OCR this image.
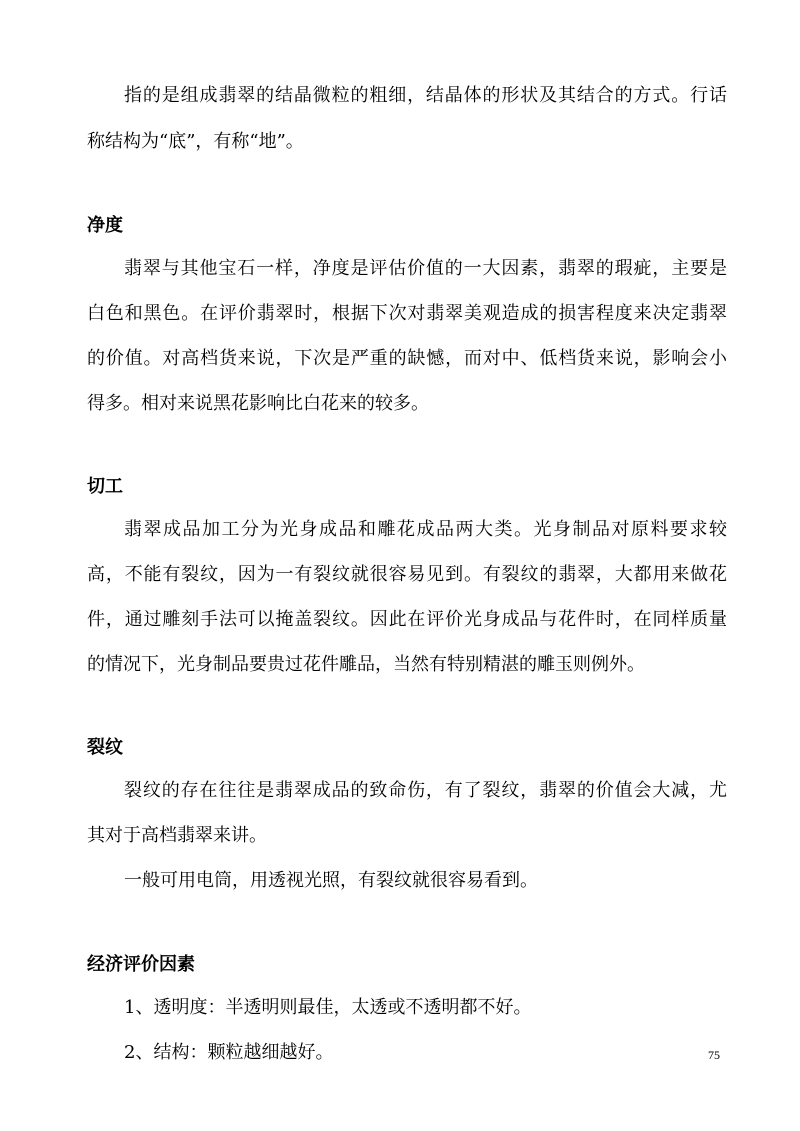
指的是组成翡翠的结晶微粒的粗细，结晶体的形状及其结合的方式。行话
称结构为“底”，有称“地”。
净度
翡翠与其他宝石一样，净度是评估价值的一大因素，翡翠的瑕疵，主要是
白色和黑色。在评价翡翠时，根据下次对翡翠美观造成的损害程度来决定翡翠
的价值。对高档货来说，下次是严重的缺憾，而对中、低档货来说，影响会小
得多。相对来说黑花影响比白花来的较多。
切工
翡翠成品加工分为光身成品和雕花成品两大类。光身制品对原料要求较
高，不能有裂纹，因为一有裂纹就很容易见到。有裂纹的翡翠，大都用来做花
件，通过雕刻手法可以掩盖裂纹。因此在评价光身成品与花件时，在同样质量
的情况下，光身制品要贵过花件雕品，当然有特别精湛的雕玉则例外。
裂纹
裂纹的存在往往是翡翠成品的致命伤，有了裂纹，翡翠的价值会大减，尤
其对于高档翡翠来讲。
一般可用电筒，用透视光照，有裂纹就很容易看到。
经济评价因素
1、透明度：半透明则最佳，太透或不透明都不好。
2、结构：颗粒越细越好。	75
